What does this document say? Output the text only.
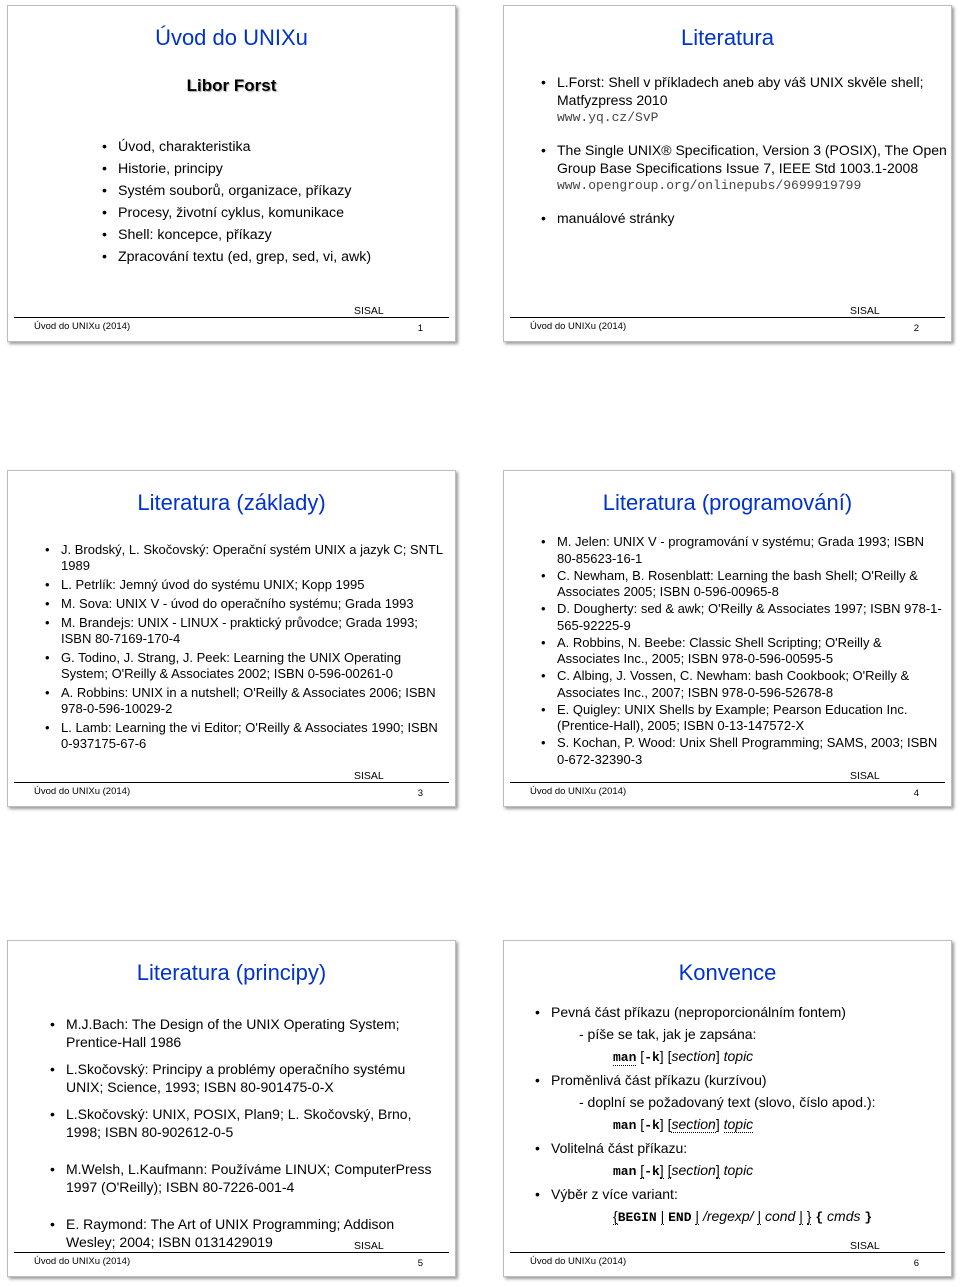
Úvod do UNIXu
Libor Forst
• Úvod, charakteristika
• Historie, principy
• Systém souborů, organizace, příkazy
• Procesy, životní cyklus, komunikace
• Shell: koncepce, příkazy
• Zpracování textu (ed, grep, sed, vi, awk)
SISAL
Úvod do UNIXu (2014)	1
Literatura
• L.Forst: Shell v příkladech aneb aby váš UNIX skvěle shell; Matfyzpress 2010
www.yq.cz/SvP
• The Single UNIX® Specification, Version 3 (POSIX), The Open Group Base Specifications Issue 7, IEEE Std 1003.1-2008
www.opengroup.org/onlinepubs/9699919799
• manuálové stránky
SISAL
Úvod do UNIXu (2014)	2
Literatura (základy)
• J. Brodský, L. Skočovský: Operační systém UNIX a jazyk C; SNTL 1989
• L. Petrlík: Jemný úvod do systému UNIX; Kopp 1995
• M. Sova: UNIX V - úvod do operačního systému; Grada 1993
• M. Brandejs: UNIX - LINUX - praktický průvodce; Grada 1993; ISBN 80-7169-170-4
• G. Todino, J. Strang, J. Peek: Learning the UNIX Operating System; O'Reilly & Associates 2002; ISBN 0-596-00261-0
• A. Robbins: UNIX in a nutshell; O'Reilly & Associates 2006; ISBN 978-0-596-10029-2
• L. Lamb: Learning the vi Editor; O'Reilly & Associates 1990; ISBN 0-937175-67-6
SISAL
Úvod do UNIXu (2014)	3
Literatura (programování)
• M. Jelen: UNIX V - programování v systému; Grada 1993; ISBN 80-85623-16-1
• C. Newham, B. Rosenblatt: Learning the bash Shell; O'Reilly & Associates 2005; ISBN 0-596-00965-8
• D. Dougherty: sed & awk; O'Reilly & Associates 1997; ISBN 978-1-565-92225-9
• A. Robbins, N. Beebe: Classic Shell Scripting; O'Reilly & Associates Inc., 2005; ISBN 978-0-596-00595-5
• C. Albing, J. Vossen, C. Newham: bash Cookbook; O'Reilly & Associates Inc., 2007; ISBN 978-0-596-52678-8
• E. Quigley: UNIX Shells by Example; Pearson Education Inc. (Prentice-Hall), 2005; ISBN 0-13-147572-X
• S. Kochan, P. Wood: Unix Shell Programming; SAMS, 2003; ISBN 0-672-32390-3
SISAL
Úvod do UNIXu (2014)	4
Literatura (principy)
• M.J.Bach: The Design of the UNIX Operating System; Prentice-Hall 1986
• L.Skočovský: Principy a problémy operačního systému UNIX; Science, 1993; ISBN 80-901475-0-X
• L.Skočovský: UNIX, POSIX, Plan9; L. Skočovský, Brno, 1998; ISBN 80-902612-0-5
• M.Welsh, L.Kaufmann: Používáme LINUX; ComputerPress 1997 (O'Reilly); ISBN 80-7226-001-4
• E. Raymond: The Art of UNIX Programming; Addison Wesley; 2004; ISBN 0131429019	SISAL
Úvod do UNIXu (2014)	5
Konvence
• Pevná část příkazu (neproporcionálním fontem)
- píše se tak, jak je zapsána:
man [-k] [section] topic
• Proměnlivá část příkazu (kurzívou)
- doplní se požadovaný text (slovo, číslo apod.):
man [-k] [section] topic
• Volitelná část příkazu:
man [-k] [section] topic
• Výběr z více variant:
{BEGIN | END | /regexp/ | cond | } { cmds }
SISAL
Úvod do UNIXu (2014)	6
